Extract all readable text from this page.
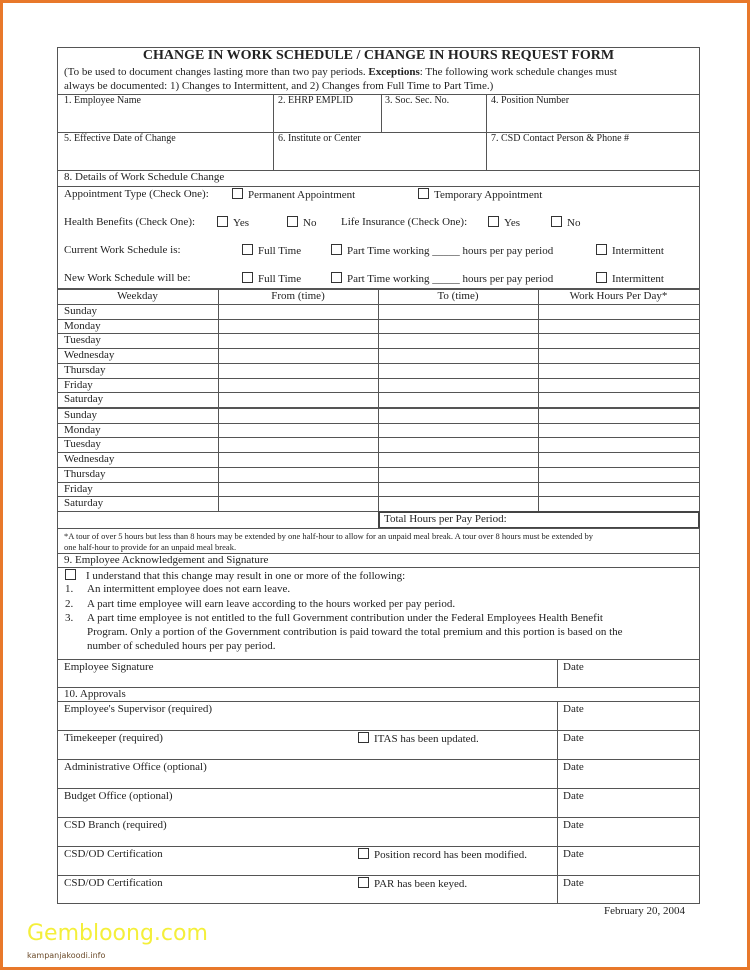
CHANGE IN WORK SCHEDULE / CHANGE IN HOURS REQUEST FORM
(To be used to document changes lasting more than two pay periods. Exceptions: The following work schedule changes must
always be documented: 1) Changes to Intermittent, and 2) Changes from Full Time to Part Time.)
1. Employee Name	2. EHRP EMPLID	3. Soc. Sec. No.	4. Position Number
5. Effective Date of Change	6. Institute or Center	7. CSD Contact Person & Phone #
8. Details of Work Schedule Change
Appointment Type (Check One):	Permanent Appointment	Temporary Appointment
Health Benefits (Check One):	Yes	No Life Insurance (Check One):	Yes	No
Current Work Schedule is:	Full Time	Part Time working _____ hours per pay period	Intermittent
New Work Schedule will be:	Full Time	Part Time working _____ hours per pay period	Intermittent
Weekday	From (time)	To (time)	Work Hours Per Day*
Sunday
Monday
Tuesday
Wednesday
Thursday
Friday
Saturday
Sunday
Monday
Tuesday
Wednesday
Thursday
Friday
Saturday
Total Hours per Pay Period:
*A tour of over 5 hours but less than 8 hours may be extended by one half-hour to allow for an unpaid meal break. A tour over 8 hours must be extended by
one half-hour to provide for an unpaid meal break.
9. Employee Acknowledgement and Signature
I understand that this change may result in one or more of the following:
1. An intermittent employee does not earn leave.
2. A part time employee will earn leave according to the hours worked per pay period.
3. A part time employee is not entitled to the full Government contribution under the Federal Employees Health Benefit
Program. Only a portion of the Government contribution is paid toward the total premium and this portion is based on the
number of scheduled hours per pay period.
Employee Signature	Date
10. Approvals
Employee's Supervisor (required)	Date
Timekeeper (required)	Date
ITAS has been updated.
Administrative Office (optional)	Date
Budget Office (optional)	Date
CSD Branch (required)	Date
CSD/OD Certification	Date
Position record has been modified.
CSD/OD Certification	Date
PAR has been keyed.
February 20, 2004
Gembloong.com
kampanjakoodi.info
